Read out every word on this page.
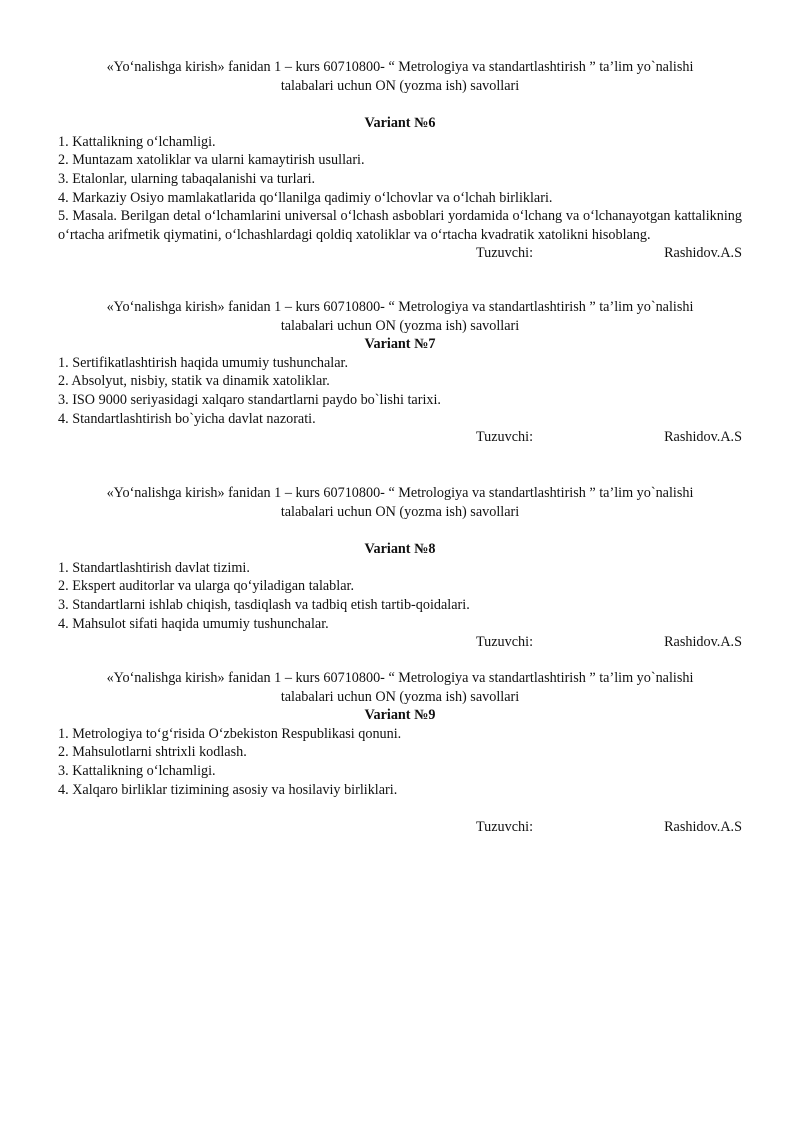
«Yo‘nalishga kirish» fanidan 1 – kurs 60710800- “ Metrologiya va standartlashtirish ” ta’lim yo`nalishi
talabalari uchun ON (yozma ish) savollari
Variant №6

1. Kattalikning o‘lchamligi.

2. Muntazam xatoliklar va ularni kamaytirish usullari.

3. Etalonlar, ularning tabaqalanishi va turlari.

4. Markaziy Osiyo mamlakatlarida qo‘llanilga qadimiy o‘lchovlar va o‘lchah birliklari.

5. Masala. Berilgan detal o‘lchamlarini universal o‘lchash asboblari yordamida o‘lchang va o‘lchanayotgan kattalikning o‘rtacha arifmetik qiymatini, o‘lchashlardagi qoldiq xatoliklar va o‘rtacha kvadratik xatolikni hisoblang.

Tuzuvchi:	Rashidov.A.S
«Yo‘nalishga kirish» fanidan 1 – kurs 60710800- “ Metrologiya va standartlashtirish ” ta’lim yo`nalishi
talabalari uchun ON (yozma ish) savollari
Variant №7

1. Sertifikatlashtirish haqida umumiy tushunchalar.

2. Absolyut, nisbiy, statik va dinamik xatoliklar.

3. ISO 9000 seriyasidagi xalqaro standartlarni paydo bo`lishi tarixi.

4. Standartlashtirish bo`yicha davlat nazorati.

Tuzuvchi:	Rashidov.A.S
«Yo‘nalishga kirish» fanidan 1 – kurs 60710800- “ Metrologiya va standartlashtirish ” ta’lim yo`nalishi
talabalari uchun ON (yozma ish) savollari
Variant №8

1. Standartlashtirish davlat tizimi.

2. Ekspert auditorlar va ularga qo‘yiladigan talablar.

3. Standartlarni ishlab chiqish, tasdiqlash va tadbiq etish tartib-qoidalari.

4. Mahsulot sifati haqida umumiy tushunchalar.

Tuzuvchi:	Rashidov.A.S
«Yo‘nalishga kirish» fanidan 1 – kurs 60710800- “ Metrologiya va standartlashtirish ” ta’lim yo`nalishi
talabalari uchun ON (yozma ish) savollari
Variant №9

1. Metrologiya to‘g‘risida O‘zbekiston Respublikasi qonuni.

2. Mahsulotlarni shtrixli kodlash.

3. Kattalikning o‘lchamligi.

4. Xalqaro birliklar tizimining asosiy va hosilaviy birliklari.

Tuzuvchi:	Rashidov.A.S
